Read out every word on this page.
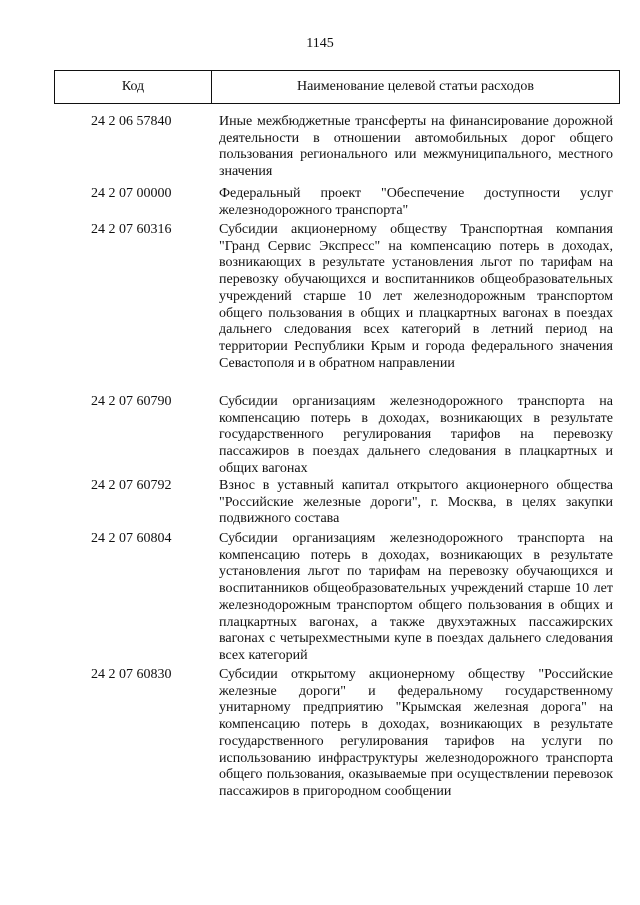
1145
Код	Наименование целевой статьи расходов
24 2 06 57840	Иные межбюджетные трансферты на финансирование дорожной деятельности в отношении автомобильных дорог общего пользования регионального или межмуниципального, местного значения
24 2 07 00000	Федеральный проект "Обеспечение доступности услуг железнодорожного транспорта"
24 2 07 60316	Субсидии акционерному обществу Транспортная компания "Гранд Сервис Экспресс" на компенсацию потерь в доходах, возникающих в результате установления льгот по тарифам на перевозку обучающихся и воспитанников общеобразовательных учреждений старше 10 лет железнодорожным транспортом общего пользования в общих и плацкартных вагонах в поездах дальнего следования всех категорий в летний период на территории Республики Крым и города федерального значения Севастополя и в обратном направлении
24 2 07 60790	Субсидии организациям железнодорожного транспорта на компенсацию потерь в доходах, возникающих в результате государственного регулирования тарифов на перевозку пассажиров в поездах дальнего следования в плацкартных и общих вагонах
24 2 07 60792	Взнос в уставный капитал открытого акционерного общества "Российские железные дороги", г. Москва, в целях закупки подвижного состава
24 2 07 60804	Субсидии организациям железнодорожного транспорта на компенсацию потерь в доходах, возникающих в результате установления льгот по тарифам на перевозку обучающихся и воспитанников общеобразовательных учреждений старше 10 лет железнодорожным транспортом общего пользования в общих и плацкартных вагонах, а также двухэтажных пассажирских вагонах с четырехместными купе в поездах дальнего следования всех категорий
24 2 07 60830	Субсидии открытому акционерному обществу "Российские железные дороги" и федеральному государственному унитарному предприятию "Крымская железная дорога" на компенсацию потерь в доходах, возникающих в результате государственного регулирования тарифов на услуги по использованию инфраструктуры железнодорожного транспорта общего пользования, оказываемые при осуществлении перевозок пассажиров в пригородном сообщении
